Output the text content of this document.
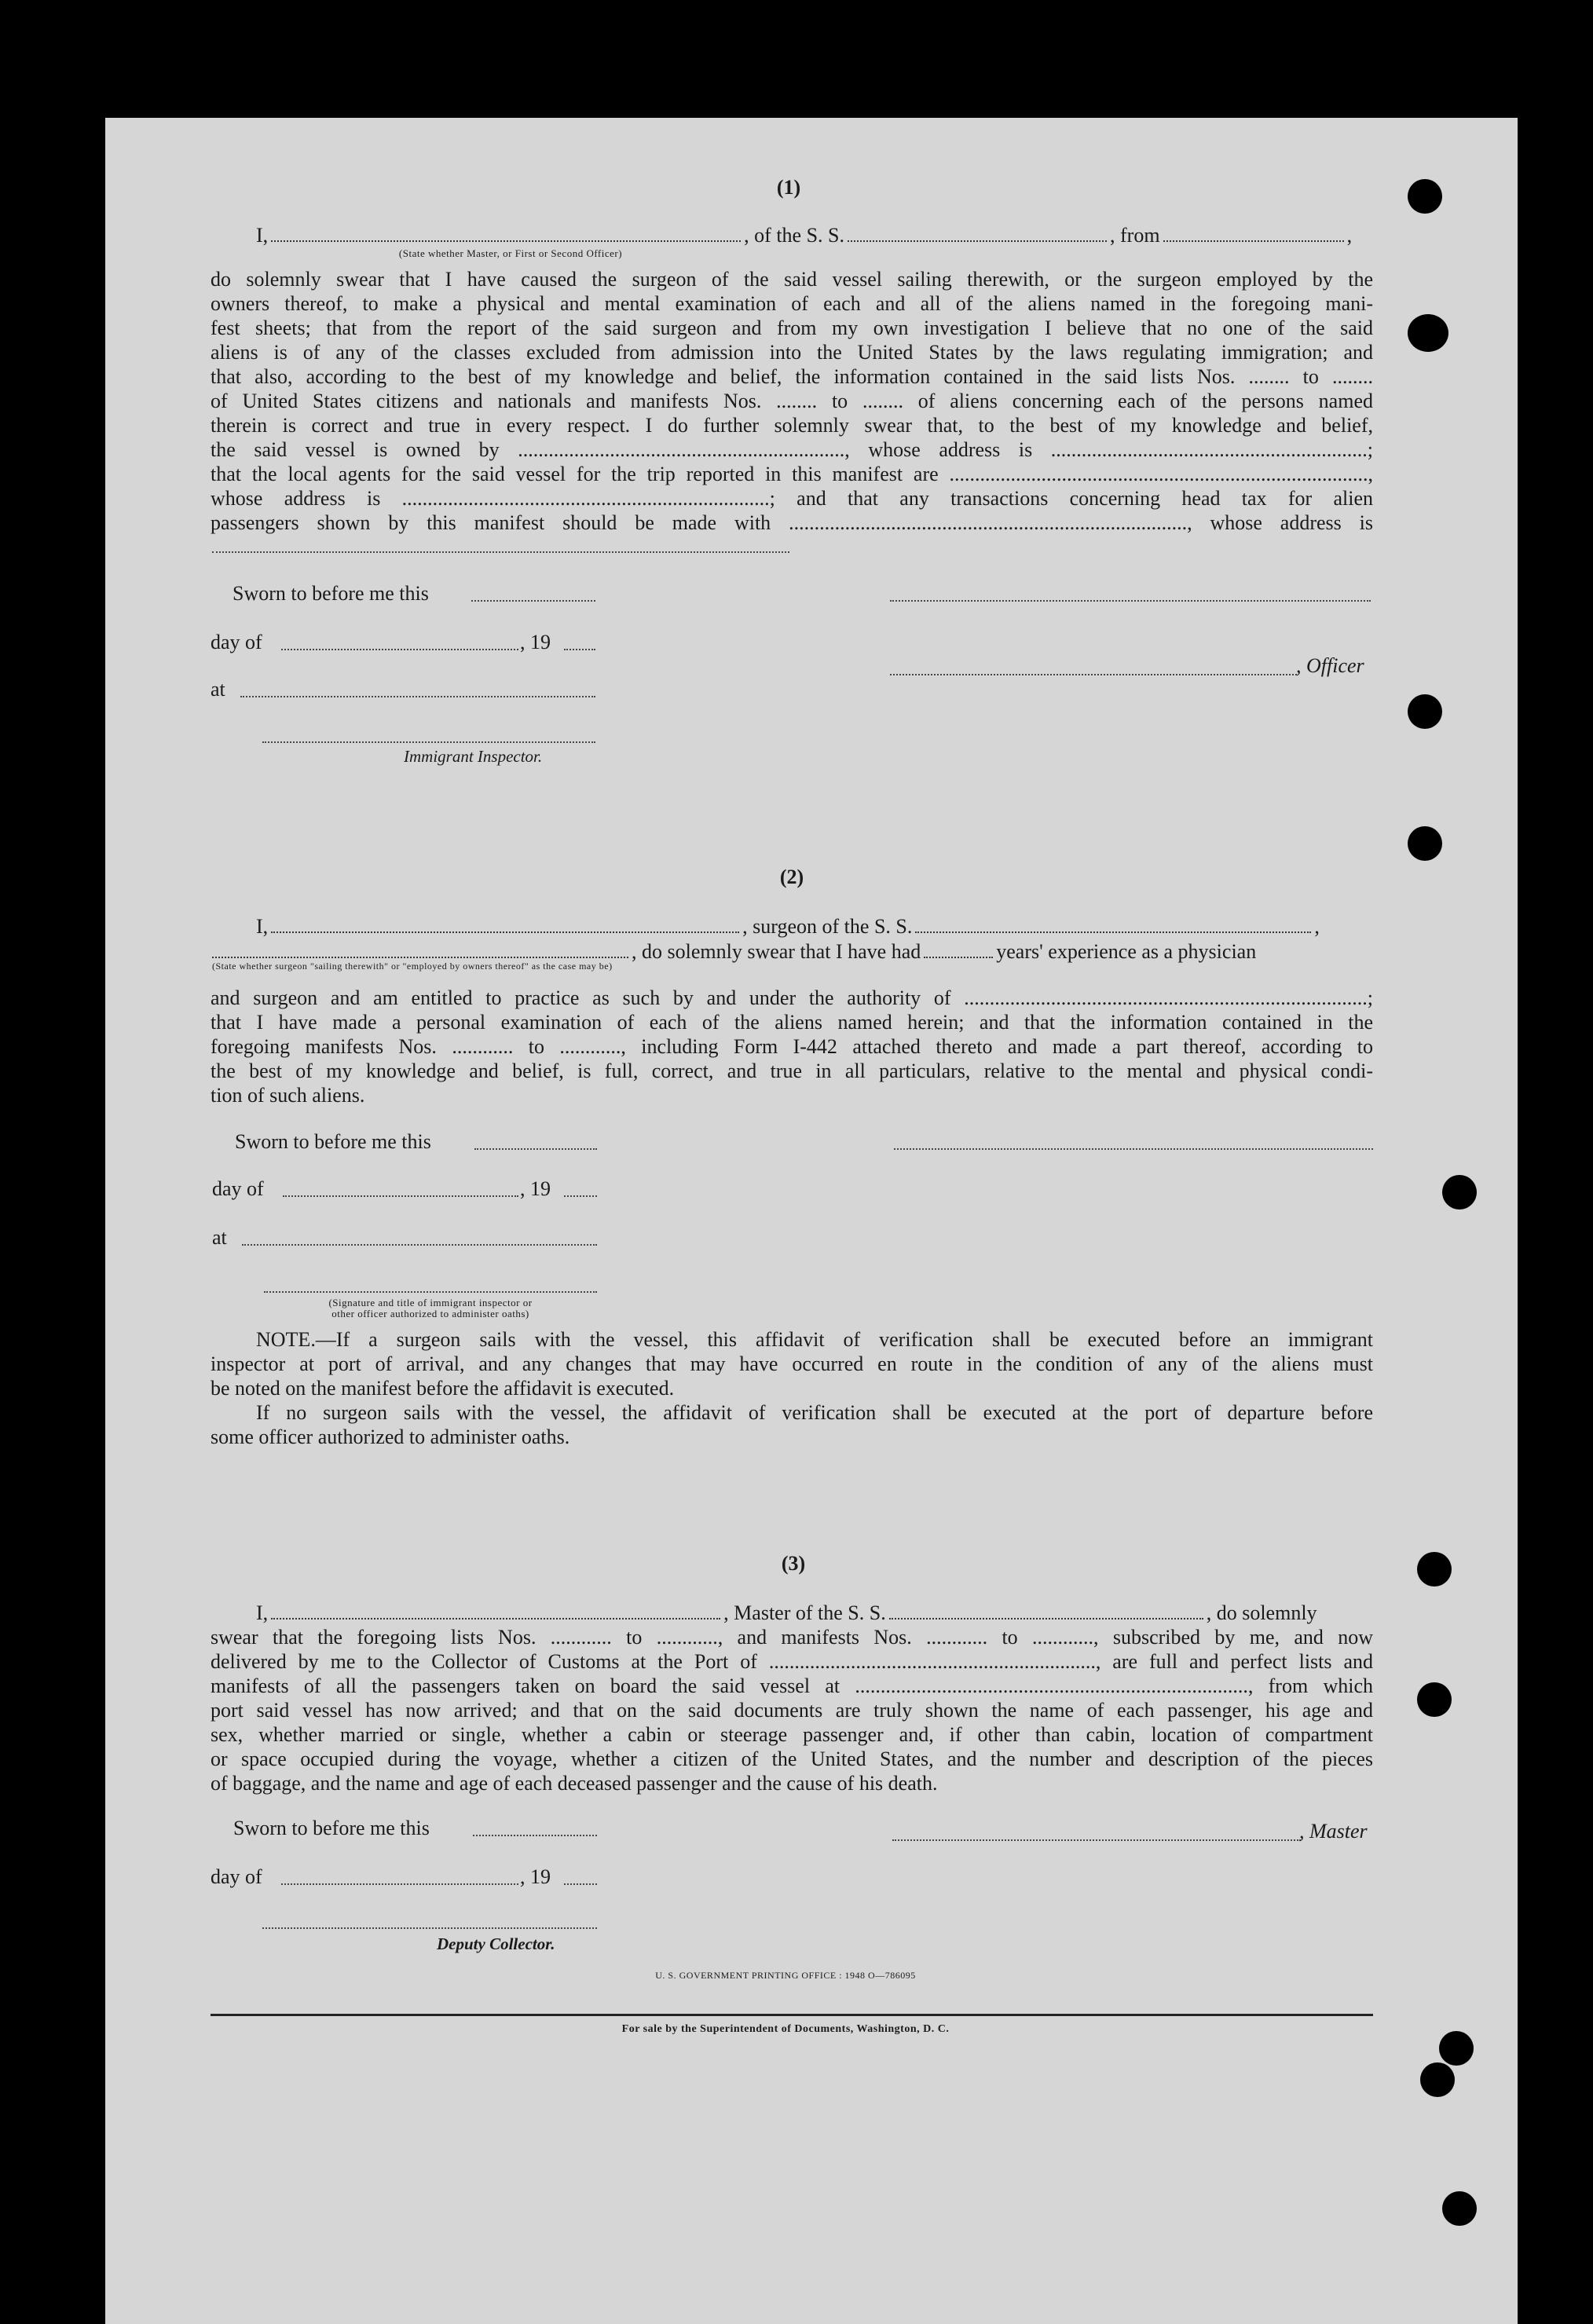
(1)
I,	, of the S. S.	, from	,
(State whether Master, or First or Second Officer)
do solemnly swear that I have caused the surgeon of the said vessel sailing therewith, or the surgeon employed by the
owners thereof, to make a physical and mental examination of each and all of the aliens named in the foregoing mani-
fest sheets; that from the report of the said surgeon and from my own investigation I believe that no one of the said
aliens is of any of the classes excluded from admission into the United States by the laws regulating immigration; and
that also, according to the best of my knowledge and belief, the information contained in the said lists Nos. ........ to ........
of United States citizens and nationals and manifests Nos. ........ to ........ of aliens concerning each of the persons named
therein is correct and true in every respect. I do further solemnly swear that, to the best of my knowledge and belief,
the said vessel is owned by ................................................................, whose address is ..............................................................;
that the local agents for the said vessel for the trip reported in this manifest are ..................................................................................,
whose address is ........................................................................; and that any transactions concerning head tax for alien
passengers shown by this manifest should be made with .............................................................................., whose address is
Sworn to before me this
day of	, 19
, Officer
at
Immigrant Inspector.
(2)
I,	, surgeon of the S. S.	,
, do solemnly swear that I have had	years' experience as a physician
(State whether surgeon "sailing therewith" or "employed by owners thereof" as the case may be)
and surgeon and am entitled to practice as such by and under the authority of ...............................................................................;
that I have made a personal examination of each of the aliens named herein; and that the information contained in the
foregoing manifests Nos. ............ to ............, including Form I-442 attached thereto and made a part thereof, according to
the best of my knowledge and belief, is full, correct, and true in all particulars, relative to the mental and physical condi-
tion of such aliens.
Sworn to before me this
day of	, 19
at
(Signature and title of immigrant inspector or
other officer authorized to administer oaths)
NOTE.—If a surgeon sails with the vessel, this affidavit of verification shall be executed before an immigrant
inspector at port of arrival, and any changes that may have occurred en route in the condition of any of the aliens must
be noted on the manifest before the affidavit is executed.
If no surgeon sails with the vessel, the affidavit of verification shall be executed at the port of departure before
some officer authorized to administer oaths.
(3)
I,	, Master of the S. S.	, do solemnly
swear that the foregoing lists Nos. ............ to ............, and manifests Nos. ............ to ............, subscribed by me, and now
delivered by me to the Collector of Customs at the Port of ................................................................, are full and perfect lists and
manifests of all the passengers taken on board the said vessel at ............................................................................., from which
port said vessel has now arrived; and that on the said documents are truly shown the name of each passenger, his age and
sex, whether married or single, whether a cabin or steerage passenger and, if other than cabin, location of compartment
or space occupied during the voyage, whether a citizen of the United States, and the number and description of the pieces
of baggage, and the name and age of each deceased passenger and the cause of his death.
Sworn to before me this	, Master
day of	, 19
Deputy Collector.
U. S. GOVERNMENT PRINTING OFFICE : 1948 O—786095
For sale by the Superintendent of Documents, Washington, D. C.
